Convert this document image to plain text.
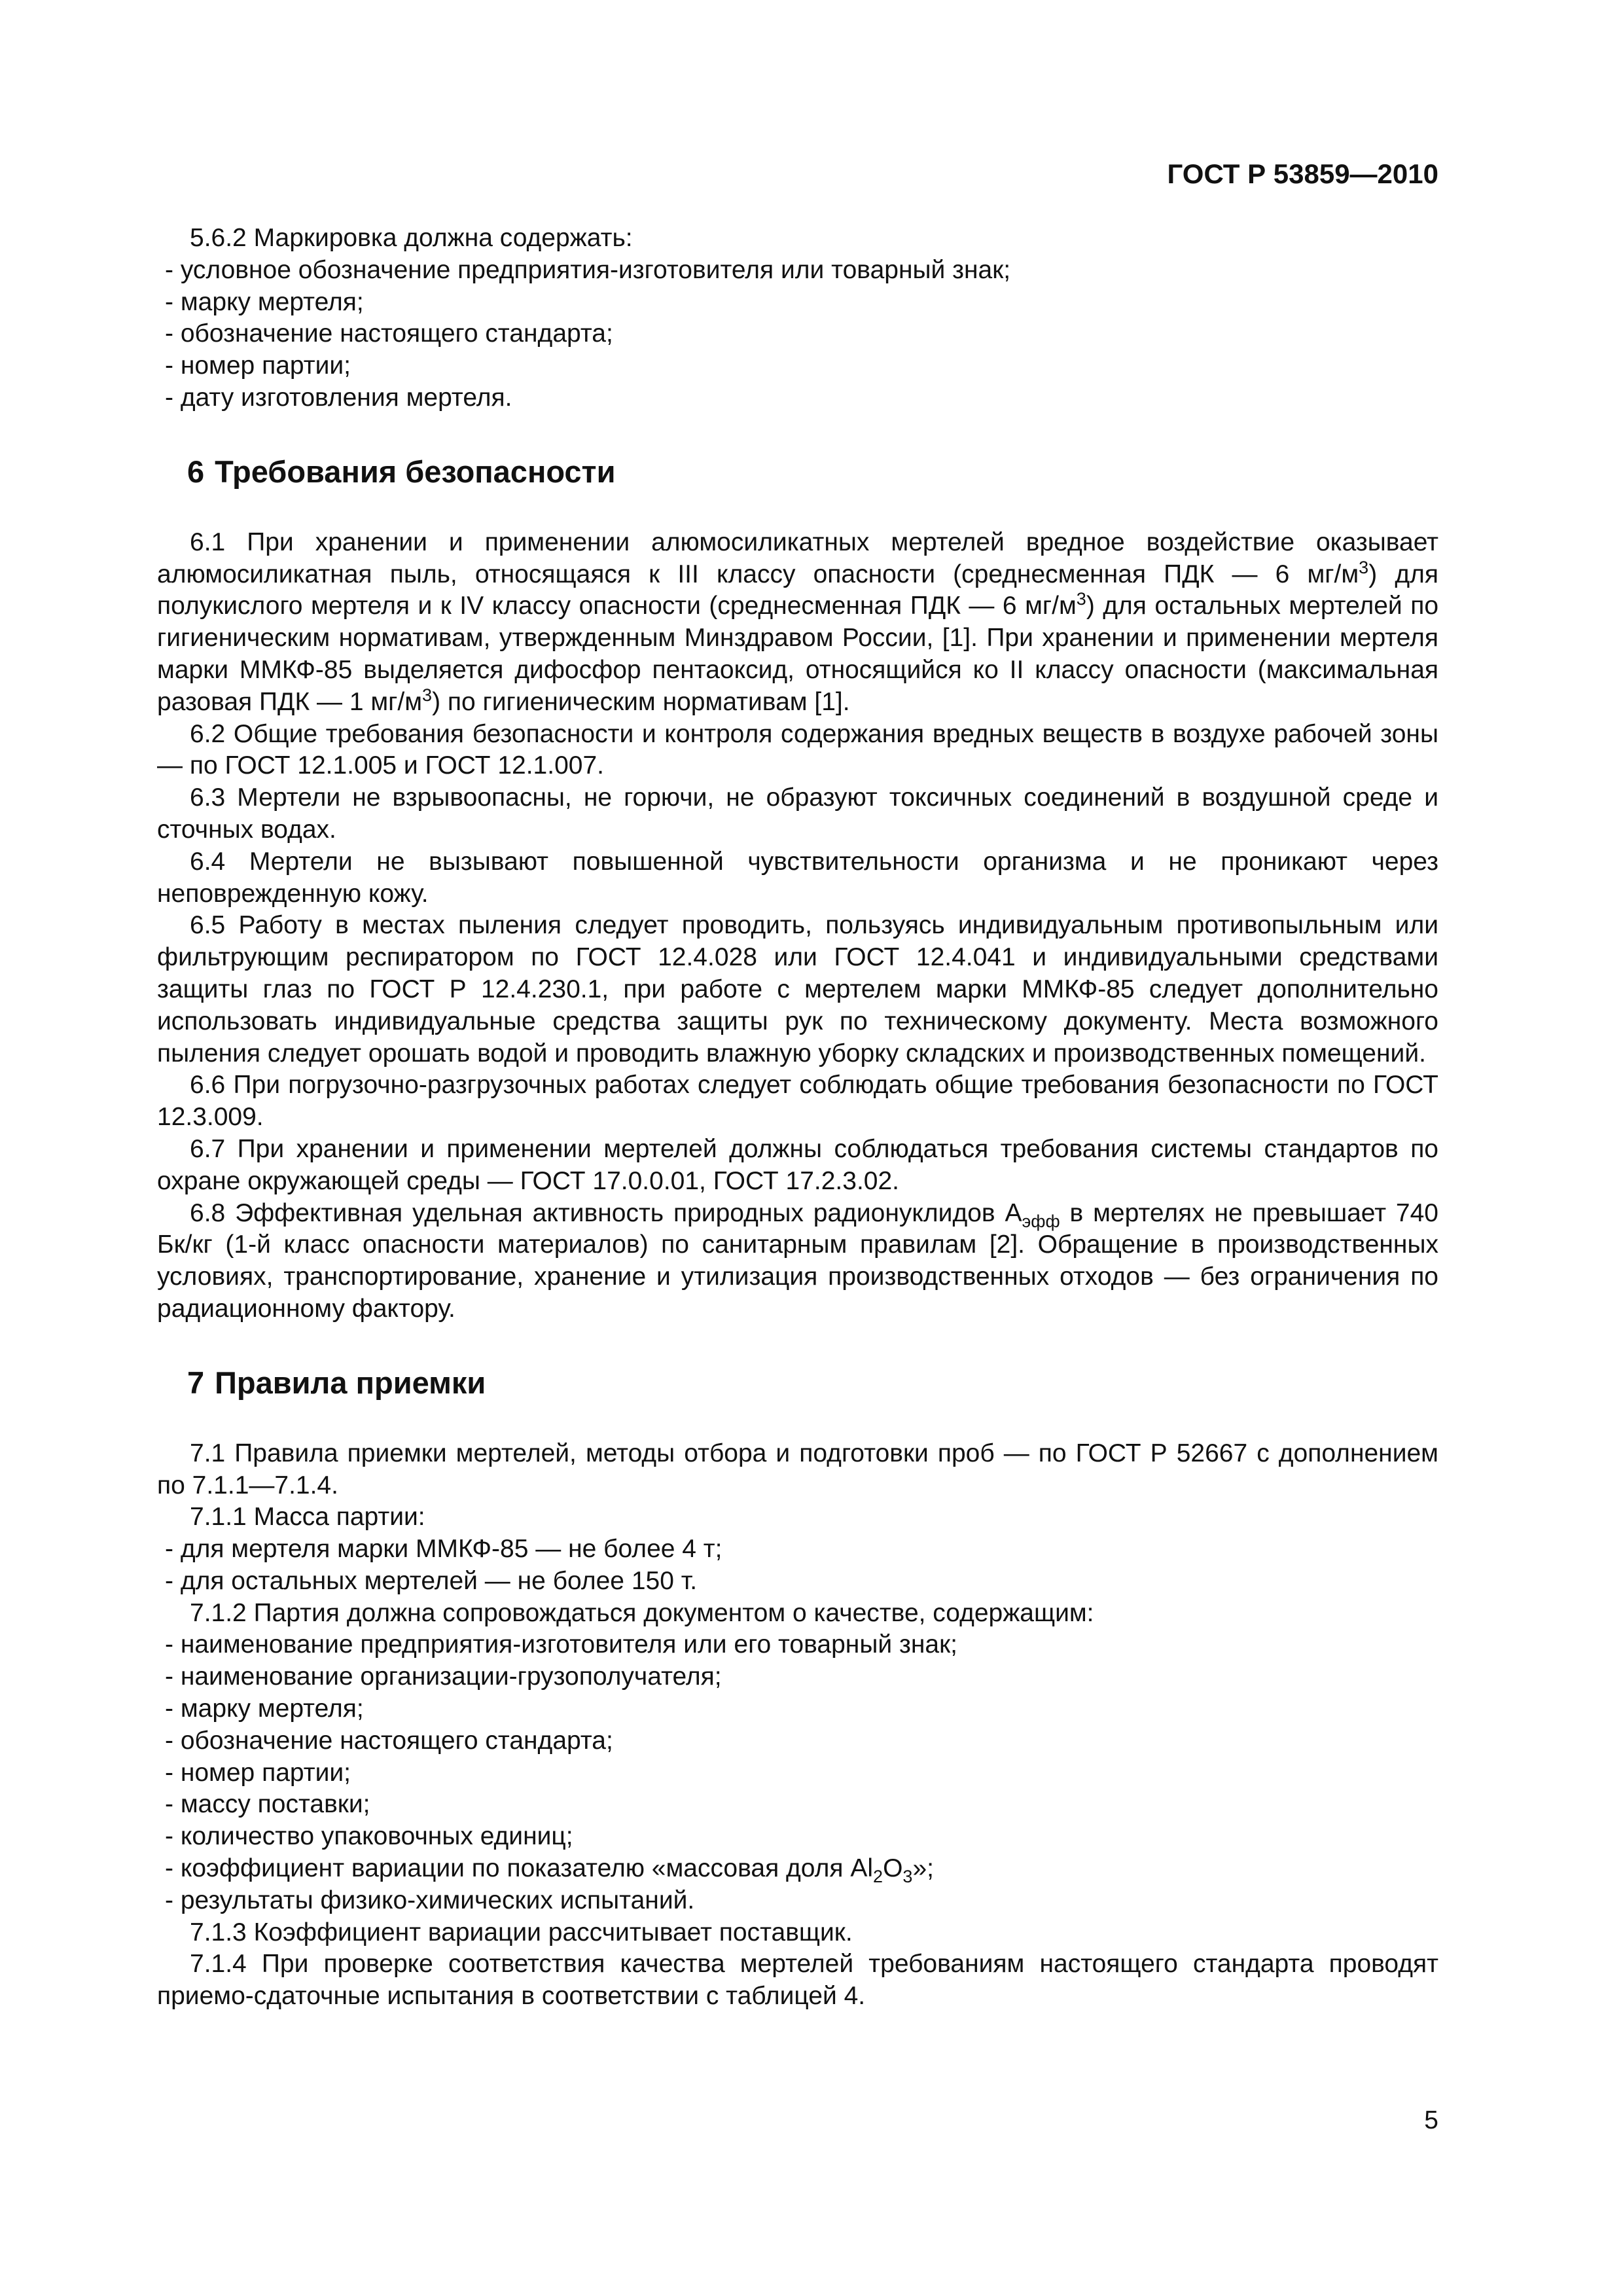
ГОСТ Р 53859—2010

5.6.2 Маркировка должна содержать:

- условное обозначение предприятия-изготовителя или товарный знак;

- марку мертеля;

- обозначение настоящего стандарта;

- номер партии;

- дату изготовления мертеля.

6 Требования безопасности

6.1 При хранении и применении алюмосиликатных мертелей вредное воздействие оказывает алюмосиликатная пыль, относящаяся к III классу опасности (среднесменная ПДК — 6 $мг/м^3$) для полукислого мертеля и к IV классу опасности (среднесменная ПДК — 6 $мг/м^3$) для остальных мертелей по гигиеническим нормативам, утвержденным Минздравом России, [1]. При хранении и применении мертеля марки ММКФ-85 выделяется дифосфор пентаоксид, относящийся ко II классу опасности (максимальная разовая ПДК — 1 $мг/м^3$) по гигиеническим нормативам [1].

6.2 Общие требования безопасности и контроля содержания вредных веществ в воздухе рабочей зоны — по ГОСТ 12.1.005 и ГОСТ 12.1.007.

6.3 Мертели не взрывоопасны, не горючи, не образуют токсичных соединений в воздушной среде и сточных водах.

6.4 Мертели не вызывают повышенной чувствительности организма и не проникают через неповрежденную кожу.

6.5 Работу в местах пыления следует проводить, пользуясь индивидуальным противопыльным или фильтрующим респиратором по ГОСТ 12.4.028 или ГОСТ 12.4.041 и индивидуальными средствами защиты глаз по ГОСТ Р 12.4.230.1, при работе с мертелем марки ММКФ-85 следует дополнительно использовать индивидуальные средства защиты рук по техническому документу. Места возможного пыления следует орошать водой и проводить влажную уборку складских и производственных помещений.

6.6 При погрузочно-разгрузочных работах следует соблюдать общие требования безопасности по ГОСТ 12.3.009.

6.7 При хранении и применении мертелей должны соблюдаться требования системы стандартов по охране окружающей среды — ГОСТ 17.0.0.01, ГОСТ 17.2.3.02.

6.8 Эффективная удельная активность природных радионуклидов $А_{эфф}$ в мертелях не превышает 740 Бк/кг (1-й класс опасности материалов) по санитарным правилам [2]. Обращение в производственных условиях, транспортирование, хранение и утилизация производственных отходов — без ограничения по радиационному фактору.

7 Правила приемки

7.1 Правила приемки мертелей, методы отбора и подготовки проб — по ГОСТ Р 52667 с дополнением по 7.1.1—7.1.4.

7.1.1 Масса партии:

- для мертеля марки ММКФ-85 — не более 4 т;

- для остальных мертелей — не более 150 т.

7.1.2 Партия должна сопровождаться документом о качестве, содержащим:

- наименование предприятия-изготовителя или его товарный знак;

- наименование организации-грузополучателя;

- марку мертеля;

- обозначение настоящего стандарта;

- номер партии;

- массу поставки;

- количество упаковочных единиц;

- коэффициент вариации по показателю «массовая доля $Al_2O_3$»;

- результаты физико-химических испытаний.

7.1.3 Коэффициент вариации рассчитывает поставщик.

7.1.4 При проверке соответствия качества мертелей требованиям настоящего стандарта проводят приемо-сдаточные испытания в соответствии с таблицей 4.

5
